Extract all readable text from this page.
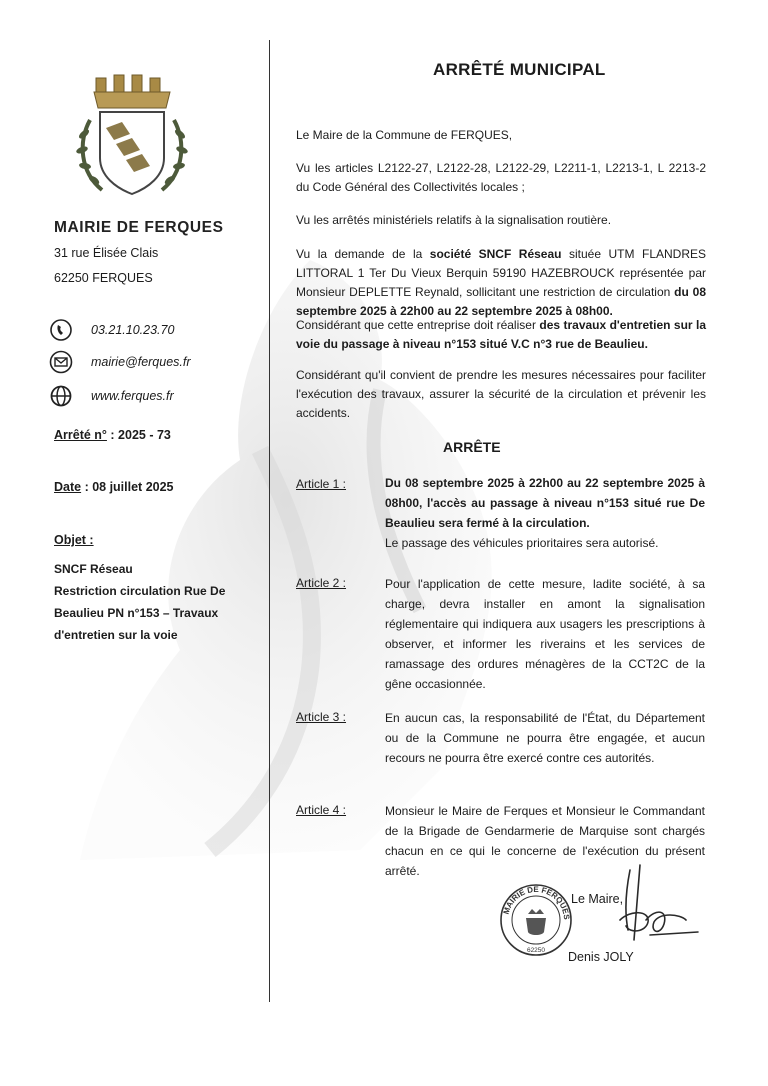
MAIRIE DE FERQUES
31 rue Élisée Clais
62250 FERQUES
03.21.10.23.70
mairie@ferques.fr
www.ferques.fr
Arrêté n° : 2025 - 73
Date : 08 juillet 2025
Objet :
SNCF Réseau
Restriction circulation Rue De
Beaulieu PN n°153 – Travaux
d'entretien sur la voie
ARRÊTÉ MUNICIPAL
Le Maire de la Commune de FERQUES,
Vu les articles L2122-27, L2122-28, L2122-29, L2211-1, L2213-1, L 2213-2 du Code Général des Collectivités locales ;
Vu les arrêtés ministériels relatifs à la signalisation routière.
Vu la demande de la société SNCF Réseau située UTM FLANDRES LITTORAL 1 Ter Du Vieux Berquin 59190 HAZEBROUCK représentée par Monsieur DEPLETTE Reynald, sollicitant une restriction de circulation du 08 septembre 2025 à 22h00 au 22 septembre 2025 à 08h00.
Considérant que cette entreprise doit réaliser des travaux d'entretien sur la voie du passage à niveau n°153 situé V.C n°3 rue de Beaulieu.
Considérant qu'il convient de prendre les mesures nécessaires pour faciliter l'exécution des travaux, assurer la sécurité de la circulation et prévenir les accidents.
ARRÊTE
Article 1 :	Du 08 septembre 2025 à 22h00 au 22 septembre 2025 à 08h00, l'accès au passage à niveau n°153 situé rue De Beaulieu sera fermé à la circulation.
Le passage des véhicules prioritaires sera autorisé.
Article 2 :	Pour l'application de cette mesure, ladite société, à sa charge, devra installer en amont la signalisation réglementaire qui indiquera aux usagers les prescriptions à observer, et informer les riverains et les services de ramassage des ordures ménagères de la CCT2C de la gêne occasionnée.
Article 3 :	En aucun cas, la responsabilité de l'État, du Département ou de la Commune ne pourra être engagée, et aucun recours ne pourra être exercé contre ces autorités.
Article 4 :	Monsieur le Maire de Ferques et Monsieur le Commandant de la Brigade de Gendarmerie de Marquise sont chargés chacun en ce qui le concerne de l'exécution du présent arrêté.
MAIRIE DE FERQUES
62250
Le Maire,
Denis JOLY
